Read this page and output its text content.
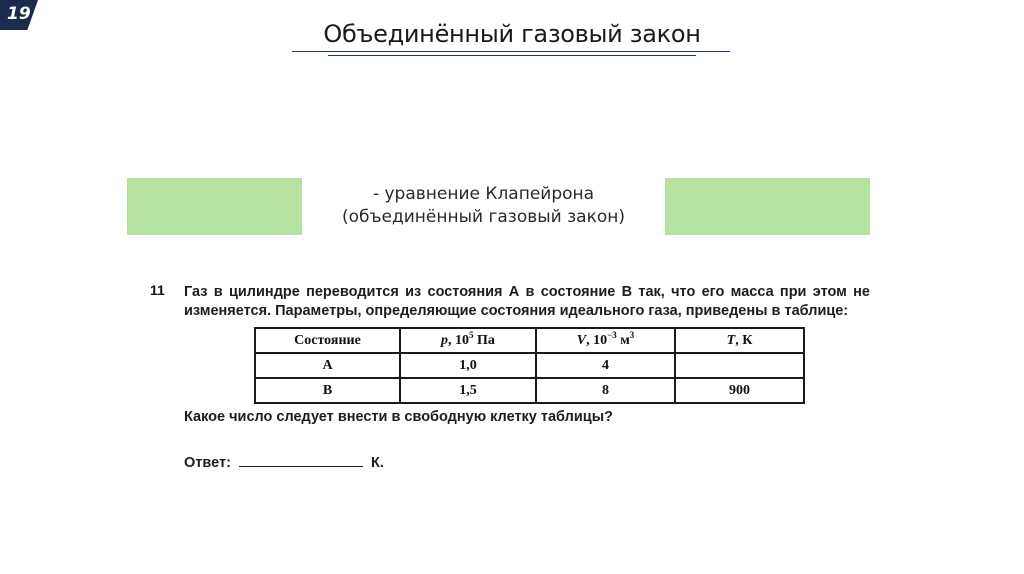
19
Объединённый газовый закон
- уравнение Клапейрона
(объединённый газовый закон)
11 Газ в цилиндре переводится из состояния А в состояние В так, что его масса при этом не изменяется. Параметры, определяющие состояния идеального газа, приведены в таблице:
Состояние	p, $10^5$ Па	V, $10^{-3}$ $м^3$	T, К
А	1,0	4	
В	1,5	8	900
Какое число следует внести в свободную клетку таблицы?
Ответ:	К.
